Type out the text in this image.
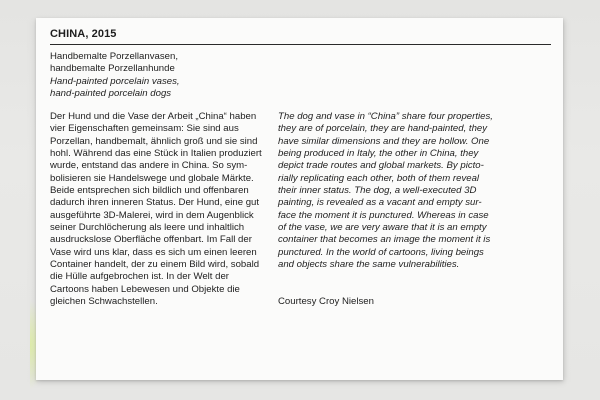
CHINA, 2015
Handbemalte Porzellanvasen,
handbemalte Porzellanhunde
Hand-painted porcelain vases,
hand-painted porcelain dogs
Der Hund und die Vase der Arbeit „China“ haben
vier Eigenschaften gemeinsam: Sie sind aus
Porzellan, handbemalt, ähnlich groß und sie sind
hohl. Während das eine Stück in Italien produziert
wurde, entstand das andere in China. So sym-
bolisieren sie Handelswege und globale Märkte.
Beide entsprechen sich bildlich und offenbaren
dadurch ihren inneren Status. Der Hund, eine gut
ausgeführte 3D-Malerei, wird in dem Augenblick
seiner Durchlöcherung als leere und inhaltlich
ausdruckslose Oberfläche offenbart. Im Fall der
Vase wird uns klar, dass es sich um einen leeren
Container handelt, der zu einem Bild wird, sobald
die Hülle aufgebrochen ist. In der Welt der
Cartoons haben Lebewesen und Objekte die
gleichen Schwachstellen.
The dog and vase in “China” share four properties,
they are of porcelain, they are hand-painted, they
have similar dimensions and they are hollow. One
being produced in Italy, the other in China, they
depict trade routes and global markets. By picto-
rially replicating each other, both of them reveal
their inner status. The dog, a well-executed 3D
painting, is revealed as a vacant and empty sur-
face the moment it is punctured. Whereas in case
of the vase, we are very aware that it is an empty
container that becomes an image the moment it is
punctured. In the world of cartoons, living beings
and objects share the same vulnerabilities.
Courtesy Croy Nielsen
